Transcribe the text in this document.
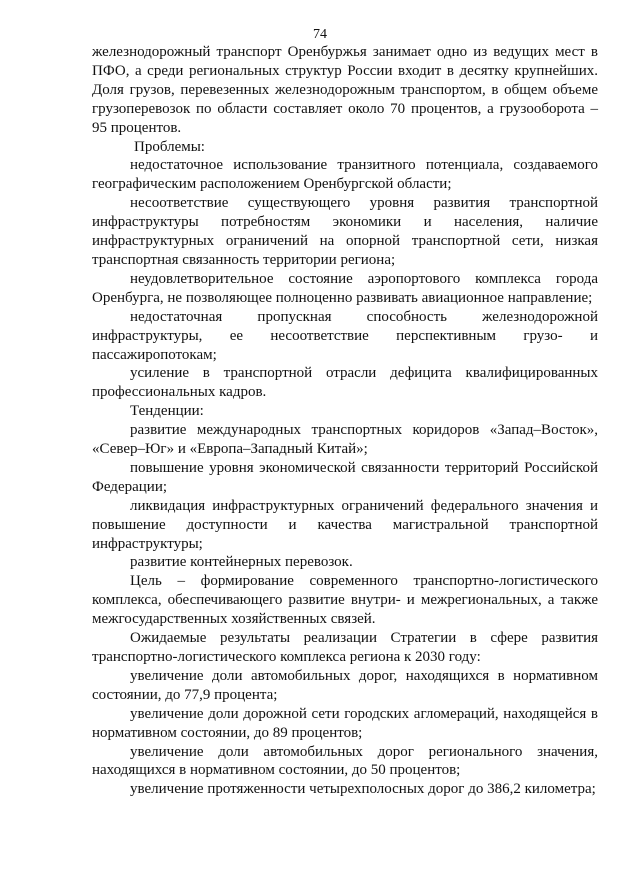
74

железнодорожный транспорт Оренбуржья занимает одно из ведущих мест в ПФО, а среди региональных структур России входит в десятку крупнейших. Доля грузов, перевезенных железнодорожным транспортом, в общем объеме грузоперевозок по области составляет около 70 процентов, а грузооборота – 95 процентов.

Проблемы:

недостаточное использование транзитного потенциала, создаваемого географическим расположением Оренбургской области;

несоответствие существующего уровня развития транспортной инфраструктуры потребностям экономики и населения, наличие инфраструктурных ограничений на опорной транспортной сети, низкая транспортная связанность территории региона;

неудовлетворительное состояние аэропортового комплекса города Оренбурга, не позволяющее полноценно развивать авиационное направление;

недостаточная пропускная способность железнодорожной инфраструктуры, ее несоответствие перспективным грузо- и пассажиропотокам;

усиление в транспортной отрасли дефицита квалифицированных профессиональных кадров.

Тенденции:

развитие международных транспортных коридоров «Запад–Восток», «Север–Юг» и «Европа–Западный Китай»;

повышение уровня экономической связанности территорий Российской Федерации;

ликвидация инфраструктурных ограничений федерального значения и повышение доступности и качества магистральной транспортной инфраструктуры;

развитие контейнерных перевозок.

Цель – формирование современного транспортно-логистического комплекса, обеспечивающего развитие внутри- и межрегиональных, а также межгосударственных хозяйственных связей.

Ожидаемые результаты реализации Стратегии в сфере развития транспортно-логистического комплекса региона к 2030 году:

увеличение доли автомобильных дорог, находящихся в нормативном состоянии, до 77,9 процента;

увеличение доли дорожной сети городских агломераций, находящейся в нормативном состоянии, до 89 процентов;

увеличение доли автомобильных дорог регионального значения, находящихся в нормативном состоянии, до 50 процентов;

увеличение протяженности четырехполосных дорог до 386,2 километра;
